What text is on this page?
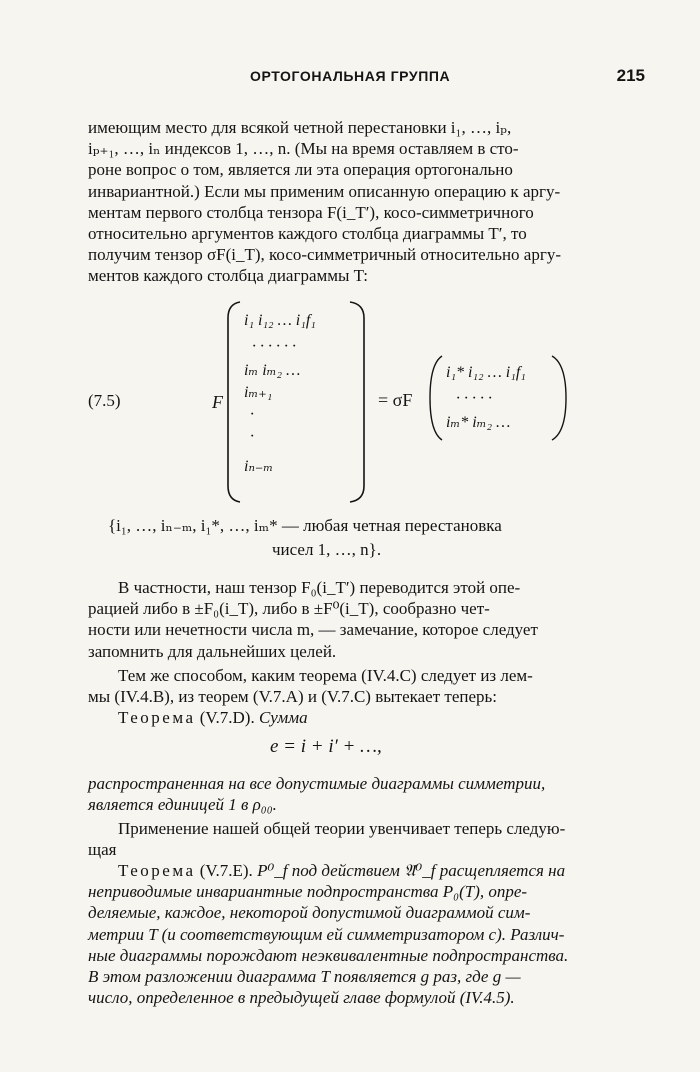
ОРТОГОНАЛЬНАЯ ГРУППА	215
имеющим место для всякой четной перестановки i₁, …, iₚ,
iₚ₊₁, …, iₙ индексов 1, …, n. (Мы на время оставляем в сто-
роне вопрос о том, является ли эта операция ортогонально
инвариантной.) Если мы применим описанную операцию к аргу-
ментам первого столбца тензора F(i_T′), косо-симметричного
относительно аргументов каждого столбца диаграммы T′, то
получим тензор σF(i_T), косо-симметричный относительно аргу-
ментов каждого столбца диаграммы T:
(7.5)	F
i₁ i₁₂ … i₁f₁
· · · · · ·
iₘ iₘ₂ …
iₘ₊₁
·
·
iₙ₋ₘ
= σF
i₁* i₁₂ … i₁f₁
· · · · ·
iₘ* iₘ₂ …
{i₁, …, iₙ₋ₘ, i₁*, …, iₘ* — любая четная перестановка
чисел 1, …, n}.
В частности, наш тензор F₀(i_T′) переводится этой опе-
рацией либо в ±F₀(i_T), либо в ±F⁰(i_T), сообразно чет-
ности или нечетности числа m, — замечание, которое следует
запомнить для дальнейших целей.
Тем же способом, каким теорема (IV.4.C) следует из лем-
мы (IV.4.B), из теорем (V.7.A) и (V.7.C) вытекает теперь:
Теорема (V.7.D). Сумма
e = i + i′ + …,
распространенная на все допустимые диаграммы симметрии,
является единицей 1 в ρ₀₀.
Применение нашей общей теории увенчивает теперь следую-
щая
Теорема (V.7.E). P⁰_f под действием 𝔄⁰_f расщепляется на
неприводимые инвариантные подпространства P₀(T), опре-
деляемые, каждое, некоторой допустимой диаграммой сим-
метрии T (и соответствующим ей симметризатором c). Различ-
ные диаграммы порождают неэквивалентные подпространства.
В этом разложении диаграмма T появляется g раз, где g —
число, определенное в предыдущей главе формулой (IV.4.5).
